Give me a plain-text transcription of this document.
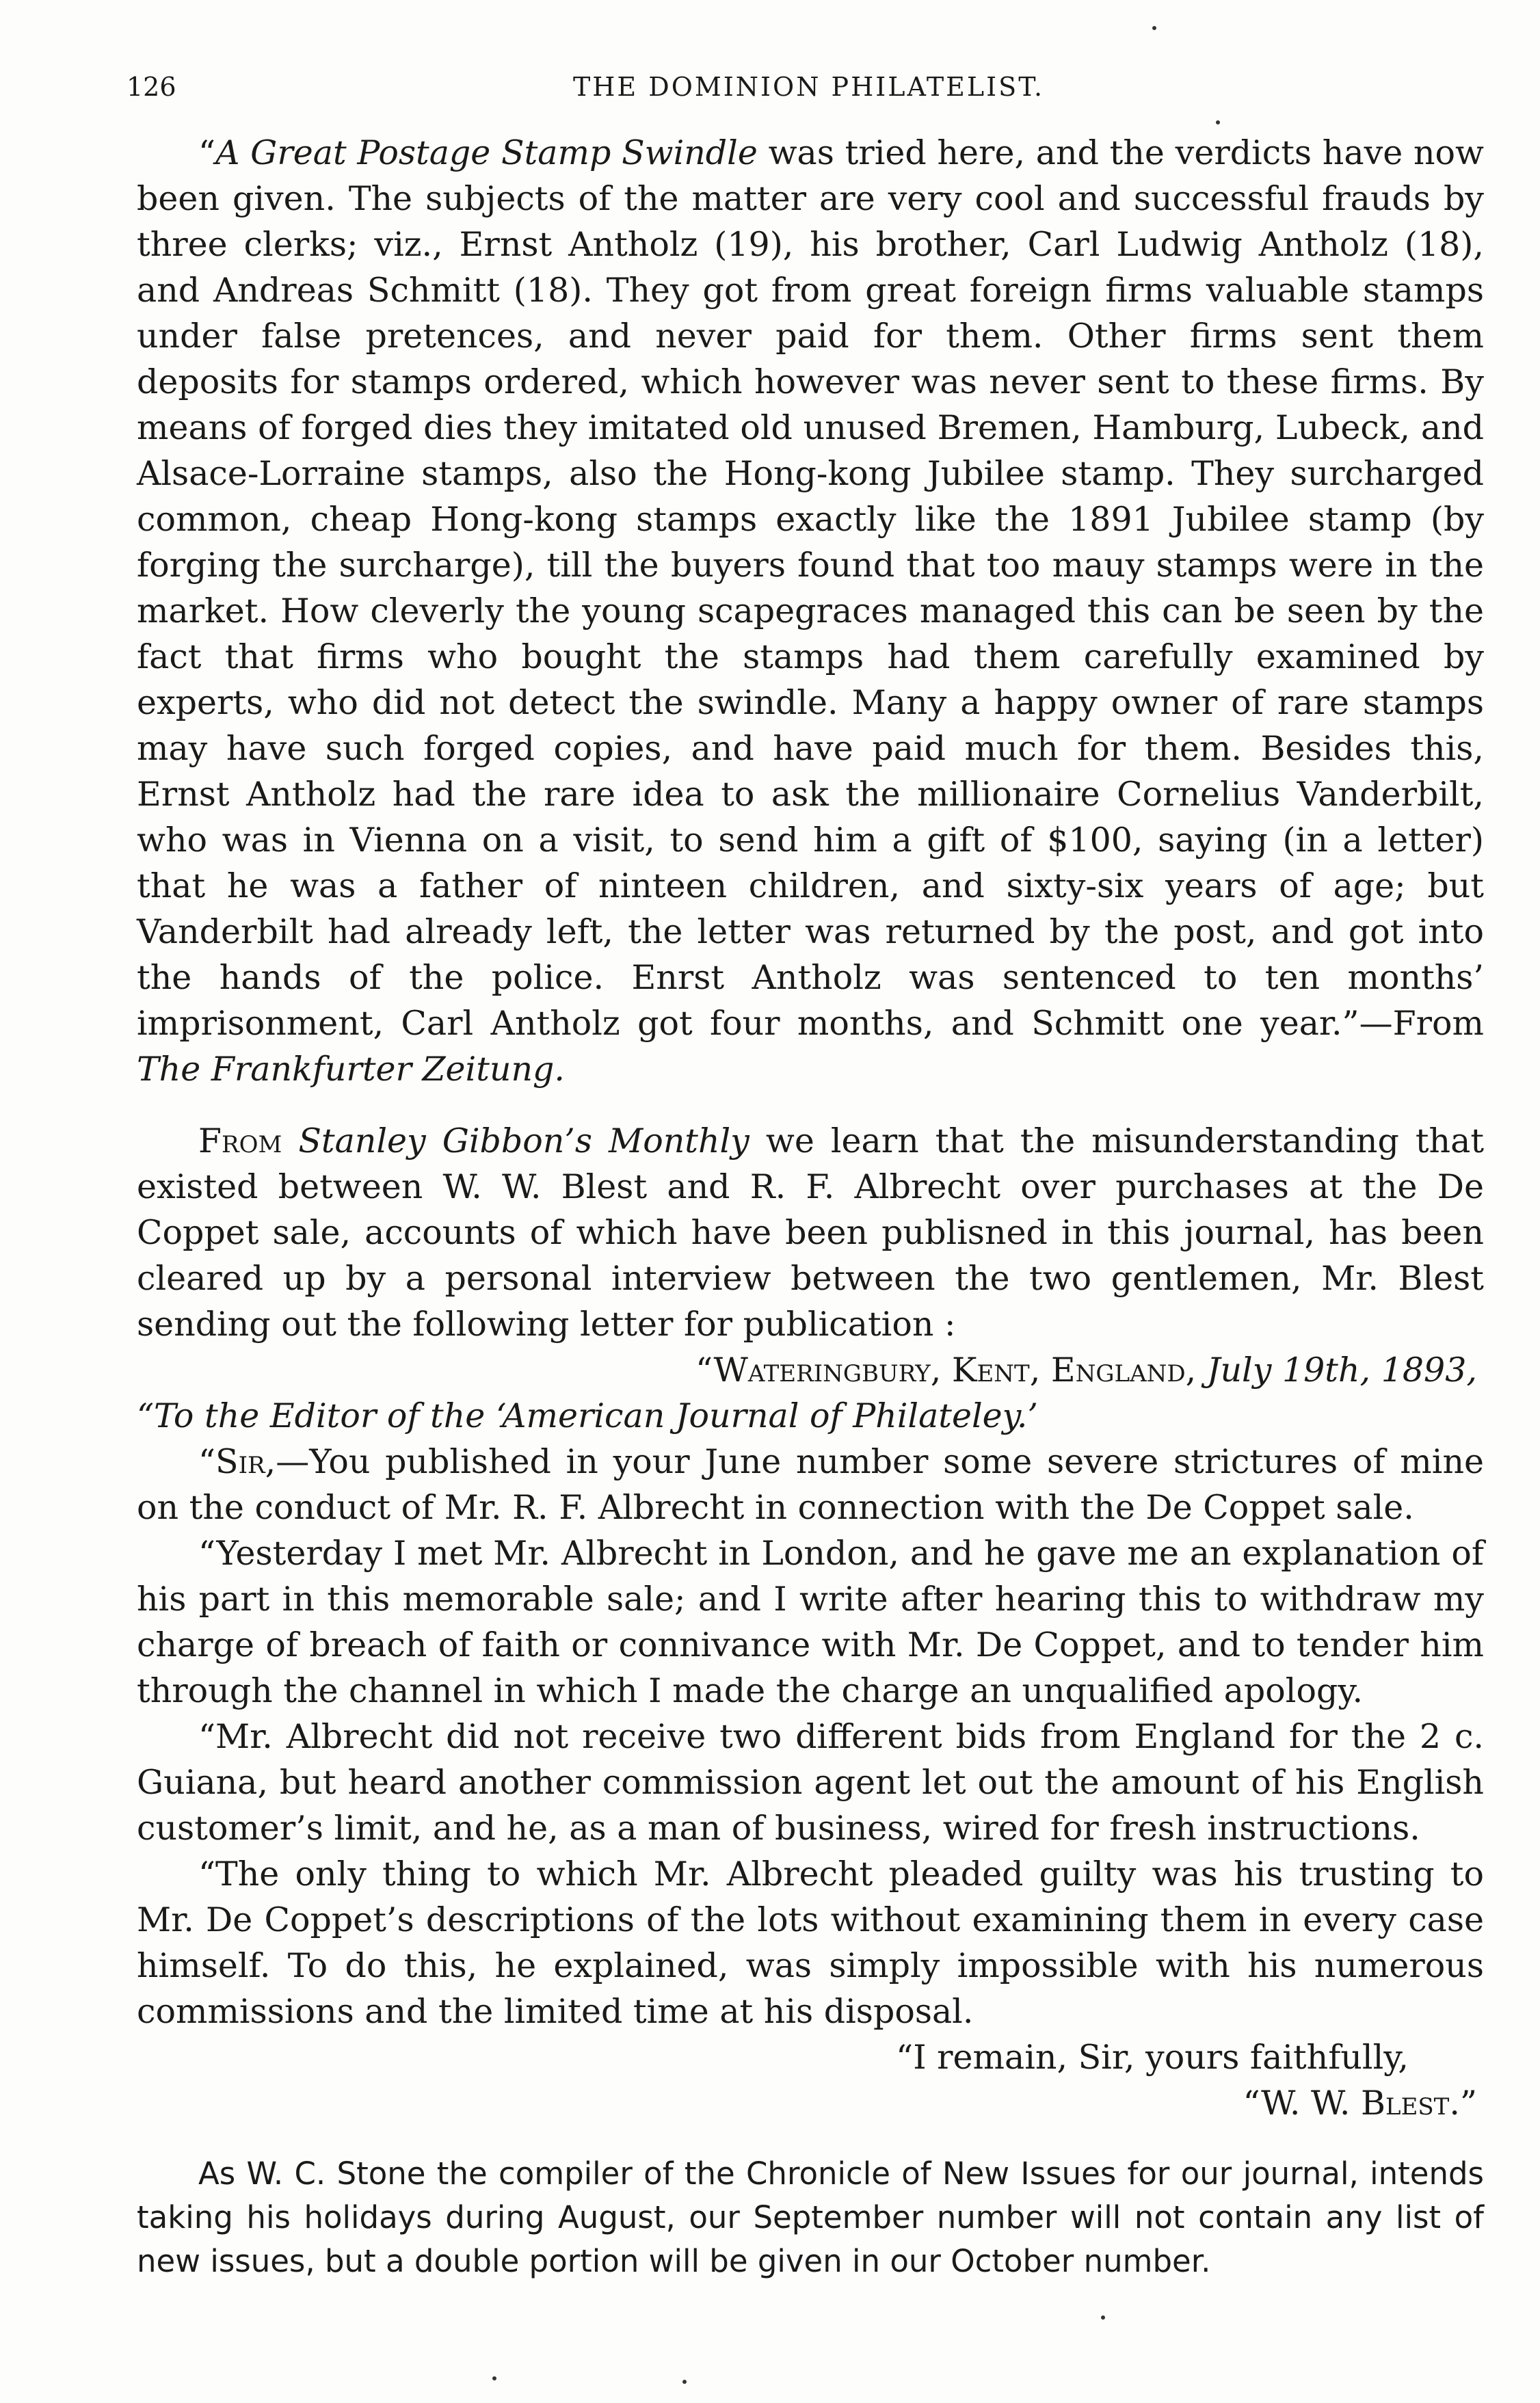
126	THE DOMINION PHILATELIST.

“A Great Postage Stamp Swindle was tried here, and the verdicts have now been given. The subjects of the matter are very cool and successful frauds by three clerks; viz., Ernst Antholz (19), his brother, Carl Ludwig Antholz (18), and Andreas Schmitt (18). They got from great foreign firms valuable stamps under false pretences, and never paid for them. Other firms sent them deposits for stamps ordered, which however was never sent to these firms. By means of forged dies they imitated old unused Bremen, Hamburg, Lubeck, and Alsace-Lorraine stamps, also the Hong-kong Jubilee stamp. They surcharged common, cheap Hong-kong stamps exactly like the 1891 Jubilee stamp (by forging the surcharge), till the buyers found that too mauy stamps were in the market. How cleverly the young scapegraces managed this can be seen by the fact that firms who bought the stamps had them carefully examined by experts, who did not detect the swindle. Many a happy owner of rare stamps may have such forged copies, and have paid much for them. Besides this, Ernst Antholz had the rare idea to ask the millionaire Cornelius Vanderbilt, who was in Vienna on a visit, to send him a gift of $100, saying (in a letter) that he was a father of ninteen children, and sixty-six years of age; but Vanderbilt had already left, the letter was returned by the post, and got into the hands of the police. Enrst Antholz was sentenced to ten months’ imprisonment, Carl Antholz got four months, and Schmitt one year.”—From The Frankfurter Zeitung.

From Stanley Gibbon’s Monthly we learn that the misunderstanding that existed between W. W. Blest and R. F. Albrecht over purchases at the De Coppet sale, accounts of which have been publisned in this journal, has been cleared up by a personal interview between the two gentlemen, Mr. Blest sending out the following letter for publication :

“Wateringbury, Kent, England, July 19th, 1893,

“To the Editor of the ‘American Journal of Philateley.’

“Sir,—You published in your June number some severe strictures of mine on the conduct of Mr. R. F. Albrecht in connection with the De Coppet sale.

“Yesterday I met Mr. Albrecht in London, and he gave me an explanation of his part in this memorable sale; and I write after hearing this to withdraw my charge of breach of faith or connivance with Mr. De Coppet, and to tender him through the channel in which I made the charge an unqualified apology.

“Mr. Albrecht did not receive two different bids from England for the 2 c. Guiana, but heard another commission agent let out the amount of his English customer’s limit, and he, as a man of business, wired for fresh instructions.

“The only thing to which Mr. Albrecht pleaded guilty was his trusting to Mr. De Coppet’s descriptions of the lots without examining them in every case himself. To do this, he explained, was simply impossible with his numerous commissions and the limited time at his disposal.

“I remain, Sir, yours faithfully,

“W. W. Blest.”

As W. C. Stone the compiler of the Chronicle of New Issues for our journal, intends taking his holidays during August, our September number will not contain any list of new issues, but a double portion will be given in our October number.
